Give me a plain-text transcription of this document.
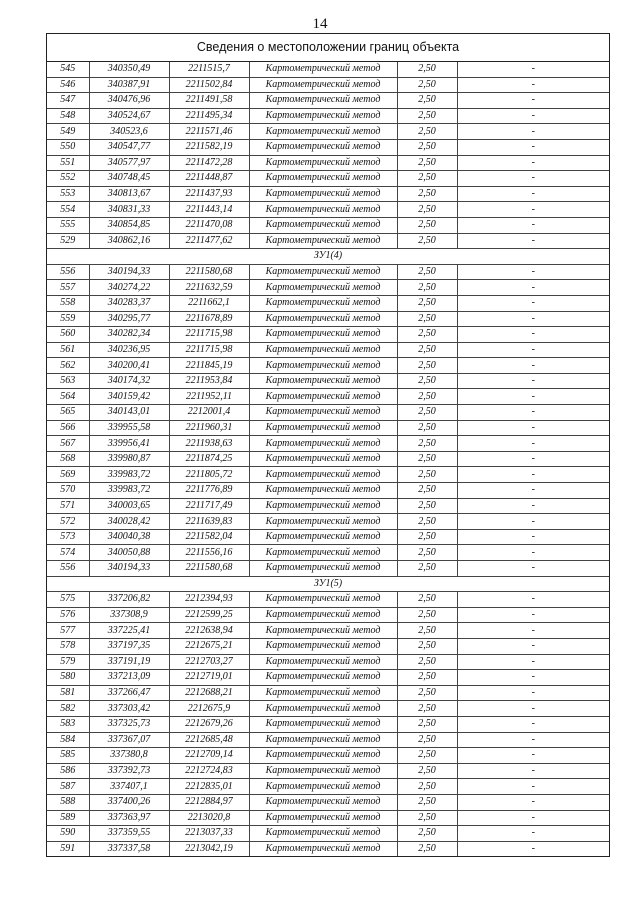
14
Сведения о местоположении границ объекта
545	340350,49	2211515,7	Картометрический метод	2,50	-
546	340387,91	2211502,84	Картометрический метод	2,50	-
547	340476,96	2211491,58	Картометрический метод	2,50	-
548	340524,67	2211495,34	Картометрический метод	2,50	-
549	340523,6	2211571,46	Картометрический метод	2,50	-
550	340547,77	2211582,19	Картометрический метод	2,50	-
551	340577,97	2211472,28	Картометрический метод	2,50	-
552	340748,45	2211448,87	Картометрический метод	2,50	-
553	340813,67	2211437,93	Картометрический метод	2,50	-
554	340831,33	2211443,14	Картометрический метод	2,50	-
555	340854,85	2211470,08	Картометрический метод	2,50	-
529	340862,16	2211477,62	Картометрический метод	2,50	-
ЗУ1(4)					
556	340194,33	2211580,68	Картометрический метод	2,50	-
557	340274,22	2211632,59	Картометрический метод	2,50	-
558	340283,37	2211662,1	Картометрический метод	2,50	-
559	340295,77	2211678,89	Картометрический метод	2,50	-
560	340282,34	2211715,98	Картометрический метод	2,50	-
561	340236,95	2211715,98	Картометрический метод	2,50	-
562	340200,41	2211845,19	Картометрический метод	2,50	-
563	340174,32	2211953,84	Картометрический метод	2,50	-
564	340159,42	2211952,11	Картометрический метод	2,50	-
565	340143,01	2212001,4	Картометрический метод	2,50	-
566	339955,58	2211960,31	Картометрический метод	2,50	-
567	339956,41	2211938,63	Картометрический метод	2,50	-
568	339980,87	2211874,25	Картометрический метод	2,50	-
569	339983,72	2211805,72	Картометрический метод	2,50	-
570	339983,72	2211776,89	Картометрический метод	2,50	-
571	340003,65	2211717,49	Картометрический метод	2,50	-
572	340028,42	2211639,83	Картометрический метод	2,50	-
573	340040,38	2211582,04	Картометрический метод	2,50	-
574	340050,88	2211556,16	Картометрический метод	2,50	-
556	340194,33	2211580,68	Картометрический метод	2,50	-
ЗУ1(5)					
575	337206,82	2212394,93	Картометрический метод	2,50	-
576	337308,9	2212599,25	Картометрический метод	2,50	-
577	337225,41	2212638,94	Картометрический метод	2,50	-
578	337197,35	2212675,21	Картометрический метод	2,50	-
579	337191,19	2212703,27	Картометрический метод	2,50	-
580	337213,09	2212719,01	Картометрический метод	2,50	-
581	337266,47	2212688,21	Картометрический метод	2,50	-
582	337303,42	2212675,9	Картометрический метод	2,50	-
583	337325,73	2212679,26	Картометрический метод	2,50	-
584	337367,07	2212685,48	Картометрический метод	2,50	-
585	337380,8	2212709,14	Картометрический метод	2,50	-
586	337392,73	2212724,83	Картометрический метод	2,50	-
587	337407,1	2212835,01	Картометрический метод	2,50	-
588	337400,26	2212884,97	Картометрический метод	2,50	-
589	337363,97	2213020,8	Картометрический метод	2,50	-
590	337359,55	2213037,33	Картометрический метод	2,50	-
591	337337,58	2213042,19	Картометрический метод	2,50	-
